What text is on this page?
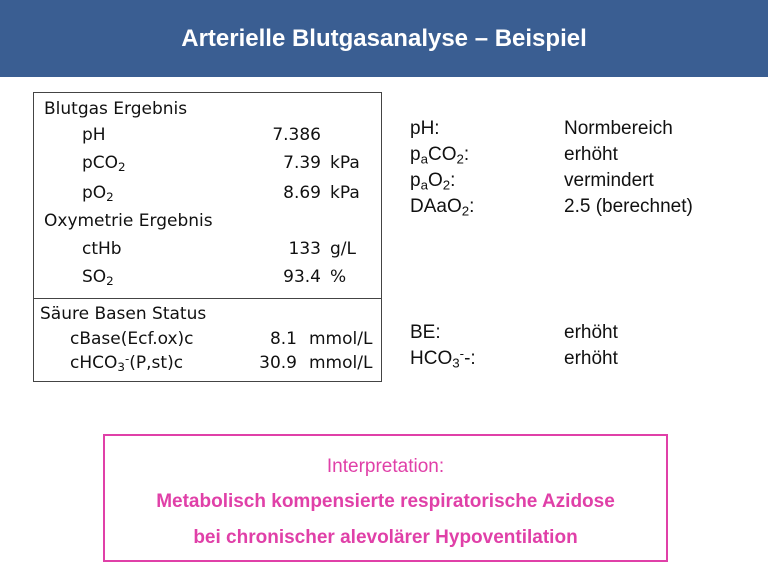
Arterielle Blutgasanalyse – Beispiel
Blutgas Ergebnis
pH	7.386
pCO$_2$	7.39 kPa
$pO_2$	8.69 kPa
Oxymetrie Ergebnis
ctHb	133 g/L
$SO_2$	93.4 %
Säure Basen Status
cBase(Ecf.ox)c	8.1 mmol/L
cHCO$_3$-(P,st)c	30.9 mmol/L
pH:	Normbereich
$p_aCO_2$:	erhöht
$p_aO_2$:	vermindert
DAaO$_2$:	2.5 (berechnet)
BE:	erhöht
$HCO_3^--$:	erhöht
Interpretation:
Metabolisch kompensierte respiratorische Azidose
bei chronischer alevolärer Hypoventilation
